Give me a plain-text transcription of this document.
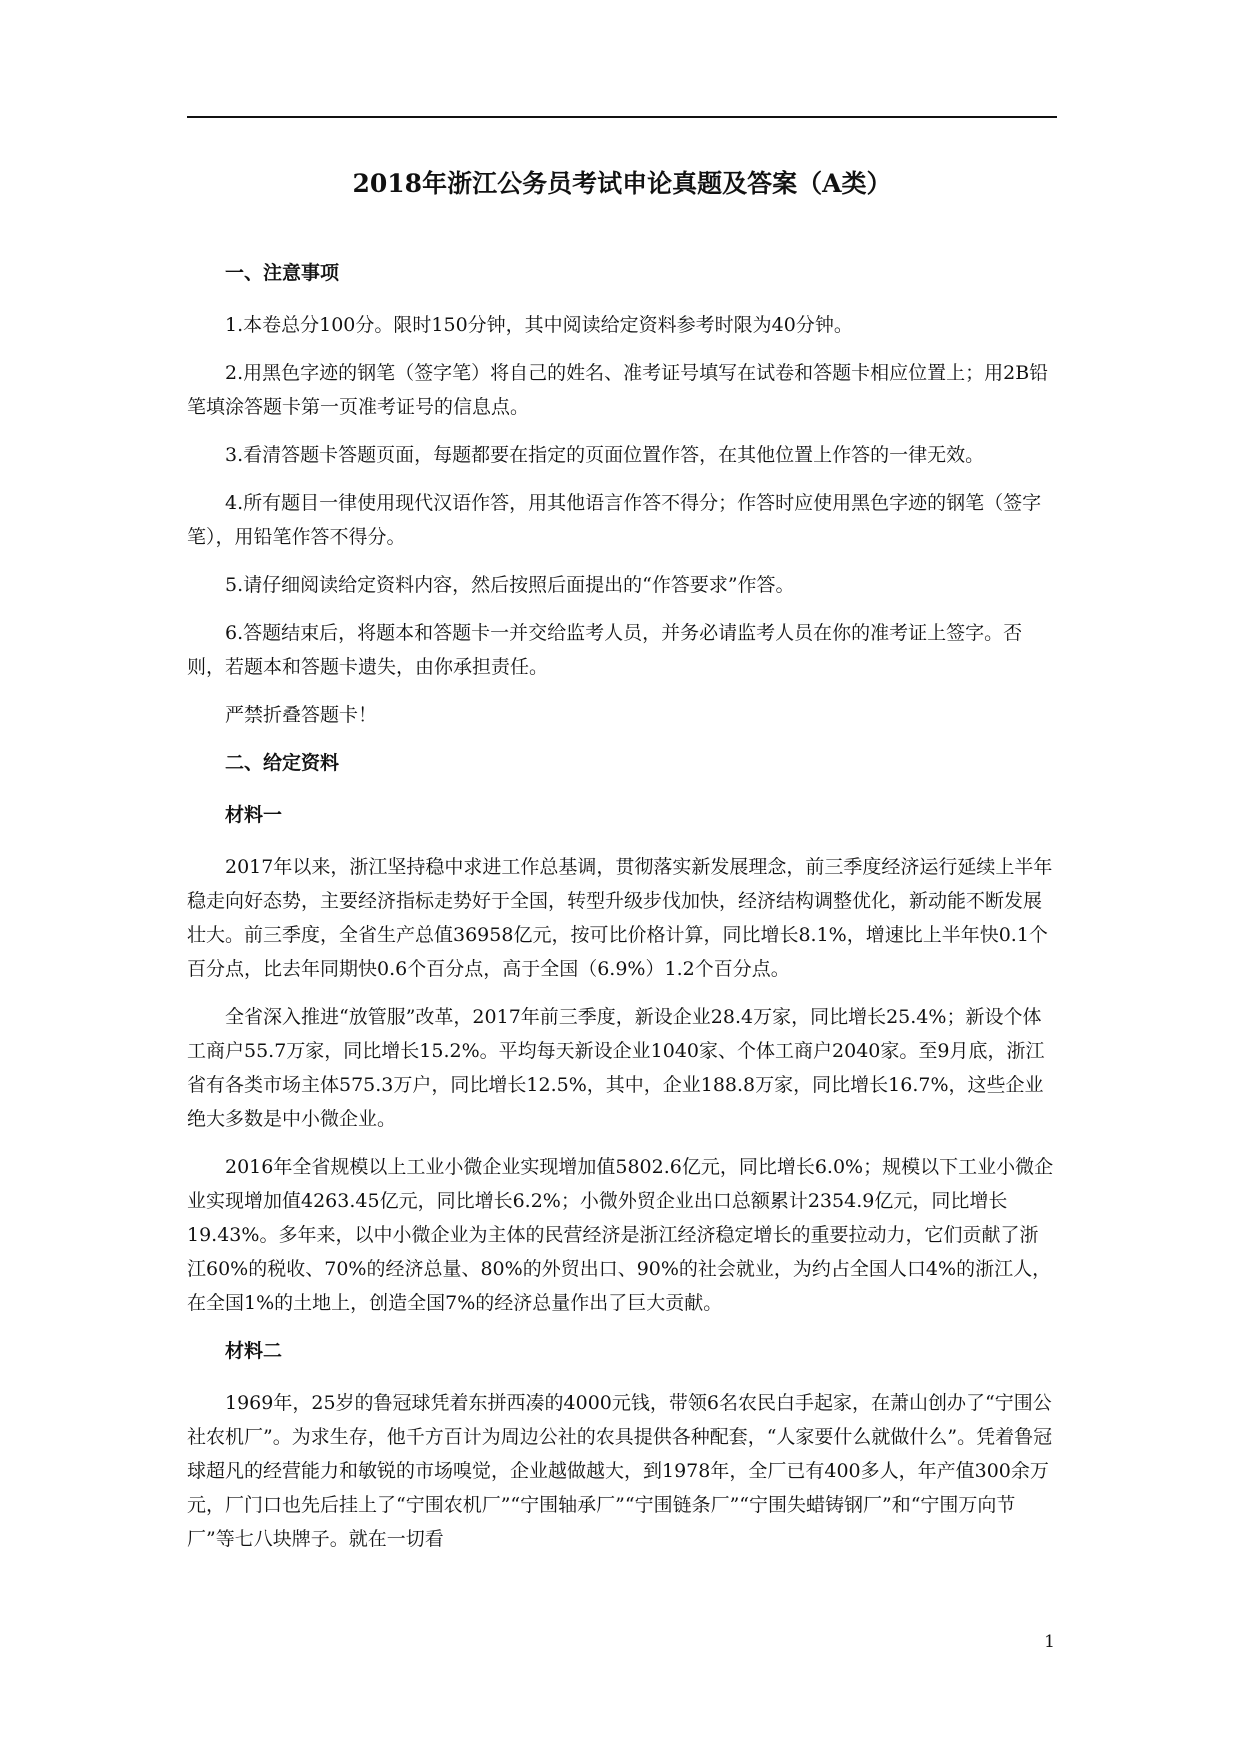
2018年浙江公务员考试申论真题及答案（A类）

一、注意事项

1.本卷总分100分。限时150分钟，其中阅读给定资料参考时限为40分钟。

2.用黑色字迹的钢笔（签字笔）将自己的姓名、准考证号填写在试卷和答题卡相应位置上；用2B铅笔填涂答题卡第一页准考证号的信息点。

3.看清答题卡答题页面，每题都要在指定的页面位置作答，在其他位置上作答的一律无效。

4.所有题目一律使用现代汉语作答，用其他语言作答不得分；作答时应使用黑色字迹的钢笔（签字笔），用铅笔作答不得分。

5.请仔细阅读给定资料内容，然后按照后面提出的“作答要求”作答。

6.答题结束后，将题本和答题卡一并交给监考人员，并务必请监考人员在你的准考证上签字。否则，若题本和答题卡遗失，由你承担责任。

严禁折叠答题卡！

二、给定资料

材料一

2017年以来，浙江坚持稳中求进工作总基调，贯彻落实新发展理念，前三季度经济运行延续上半年稳走向好态势，主要经济指标走势好于全国，转型升级步伐加快，经济结构调整优化，新动能不断发展壮大。前三季度，全省生产总值36958亿元，按可比价格计算，同比增长8.1%，增速比上半年快0.1个百分点，比去年同期快0.6个百分点，高于全国（6.9%）1.2个百分点。

全省深入推进“放管服”改革，2017年前三季度，新设企业28.4万家，同比增长25.4%；新设个体工商户55.7万家，同比增长15.2%。平均每天新设企业1040家、个体工商户2040家。至9月底，浙江省有各类市场主体575.3万户，同比增长12.5%，其中，企业188.8万家，同比增长16.7%，这些企业绝大多数是中小微企业。

2016年全省规模以上工业小微企业实现增加值5802.6亿元，同比增长6.0%；规模以下工业小微企业实现增加值4263.45亿元，同比增长6.2%；小微外贸企业出口总额累计2354.9亿元，同比增长19.43%。多年来，以中小微企业为主体的民营经济是浙江经济稳定增长的重要拉动力，它们贡献了浙江60%的税收、70%的经济总量、80%的外贸出口、90%的社会就业，为约占全国人口4%的浙江人，在全国1%的土地上，创造全国7%的经济总量作出了巨大贡献。

材料二

1969年，25岁的鲁冠球凭着东拼西凑的4000元钱，带领6名农民白手起家，在萧山创办了“宁围公社农机厂”。为求生存，他千方百计为周边公社的农具提供各种配套，“人家要什么就做什么”。凭着鲁冠球超凡的经营能力和敏锐的市场嗅觉，企业越做越大，到1978年，全厂已有400多人，年产值300余万元，厂门口也先后挂上了“宁围农机厂”“宁围轴承厂”“宁围链条厂”“宁围失蜡铸钢厂”和“宁围万向节厂”等七八块牌子。就在一切看

1
